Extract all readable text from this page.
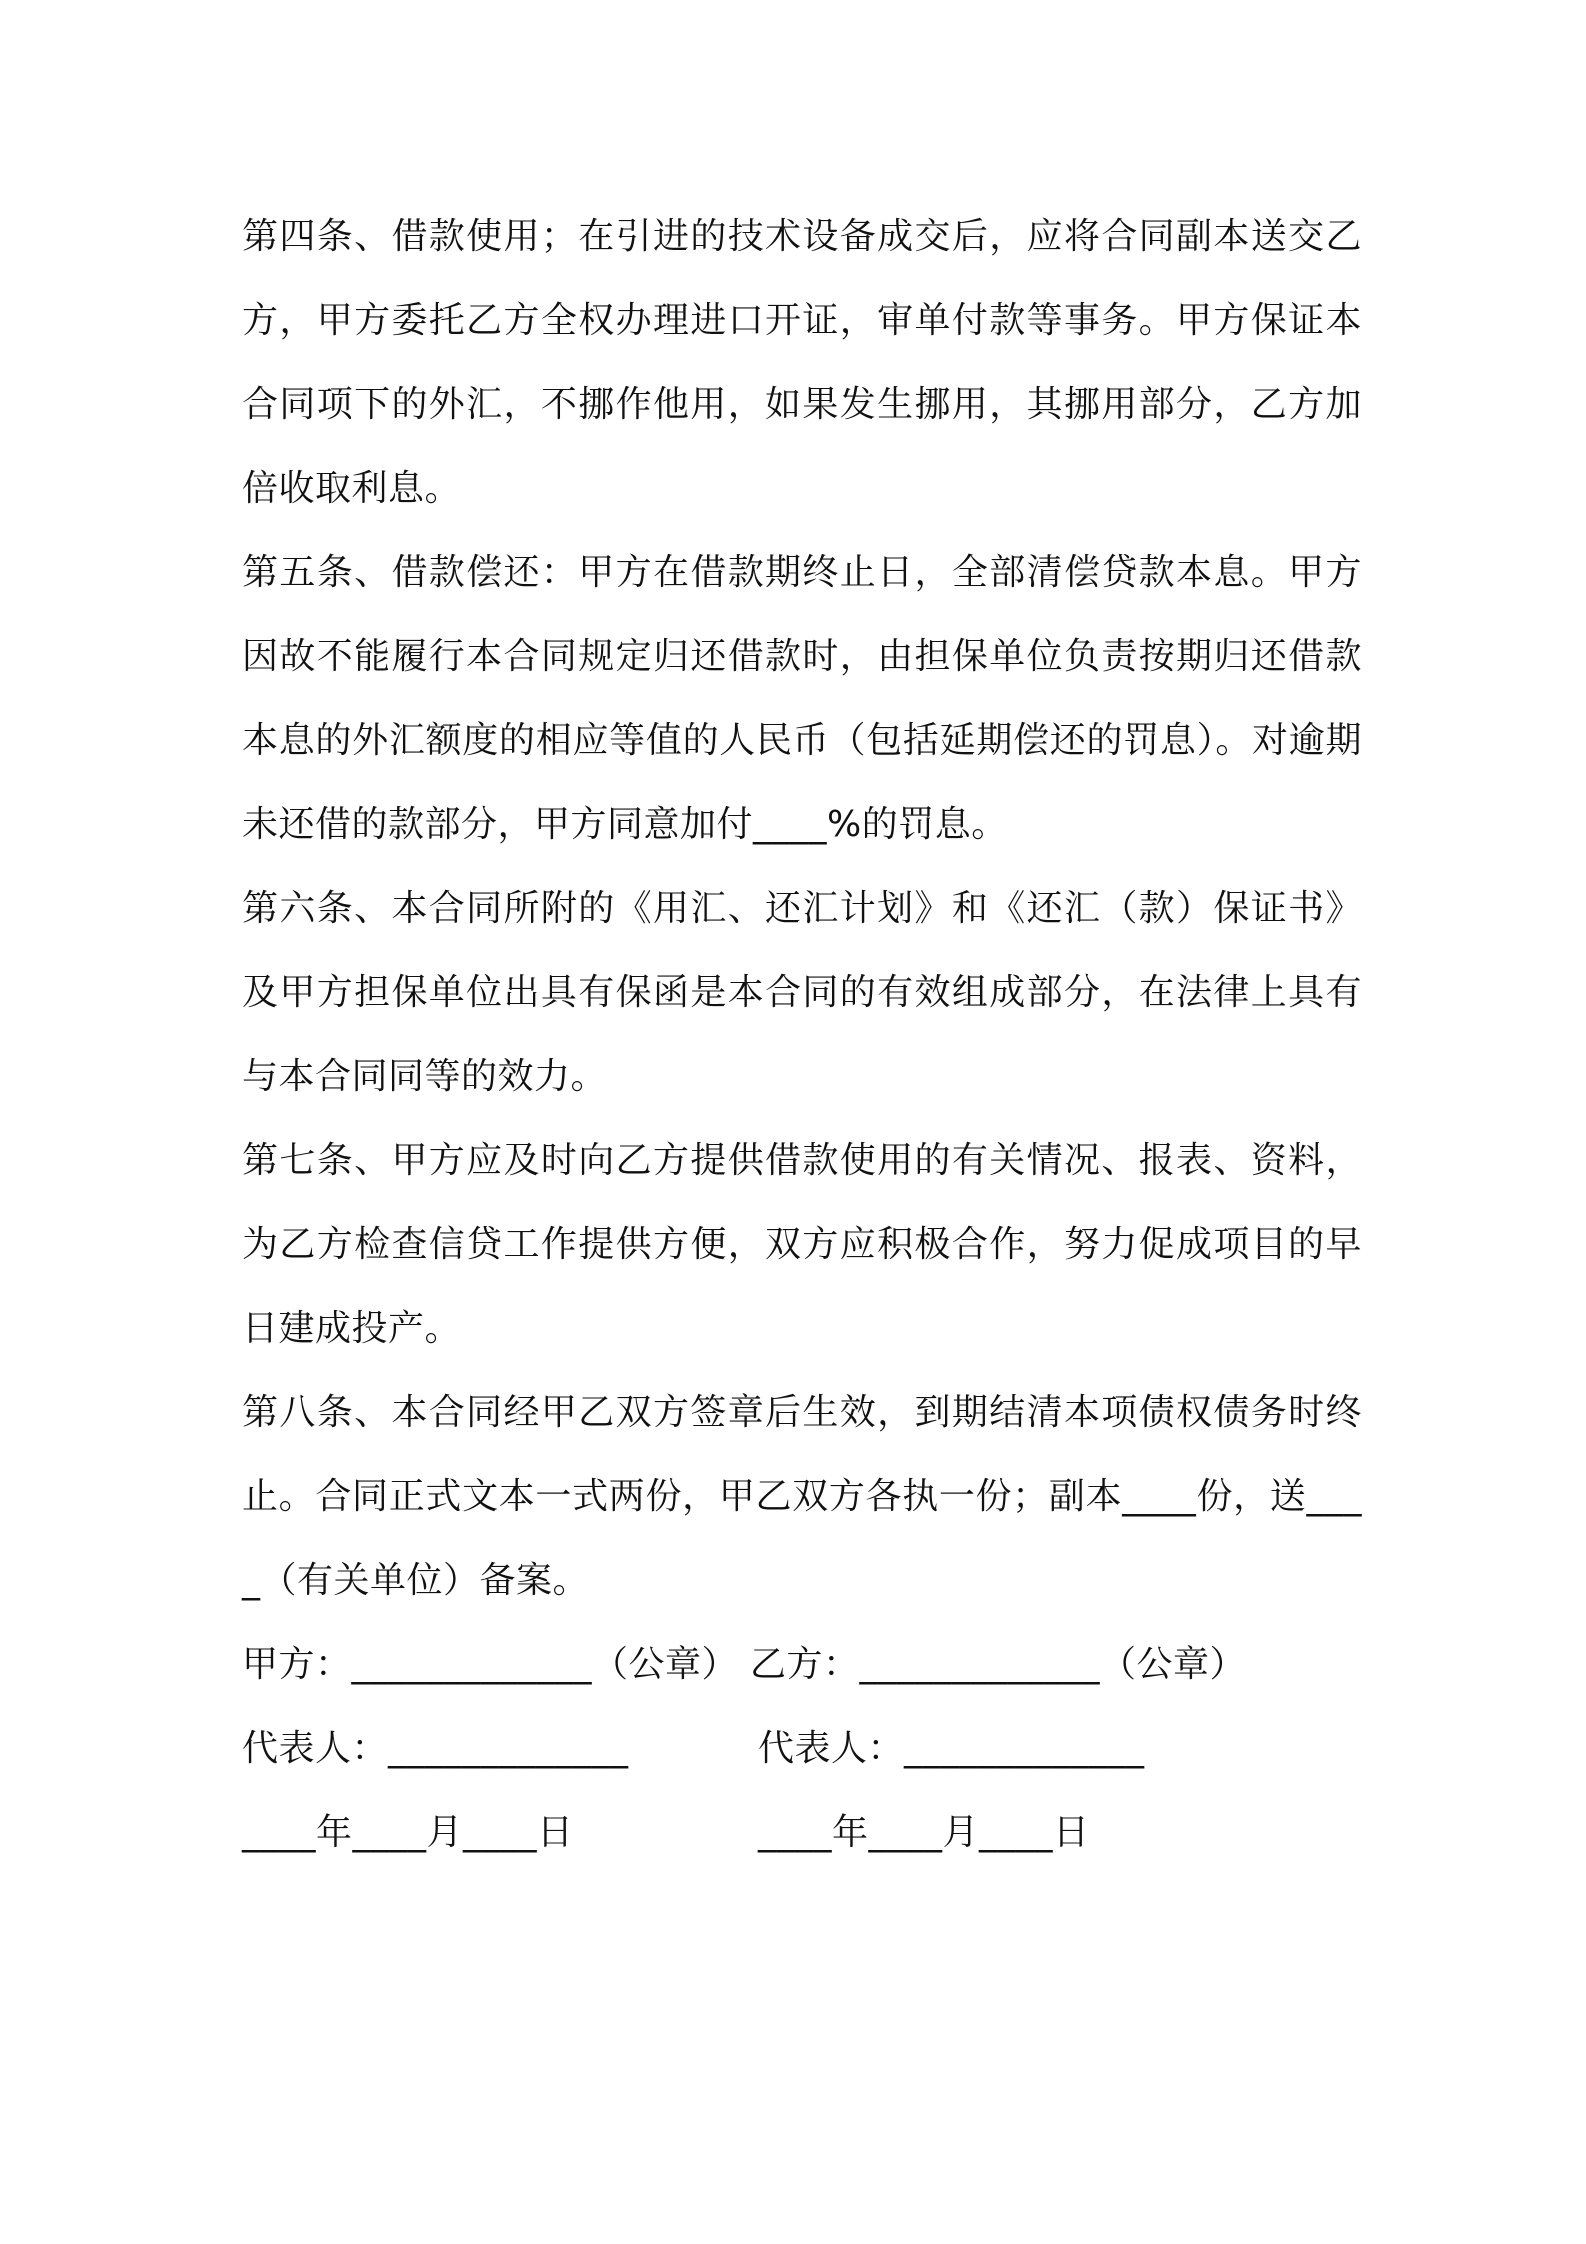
第四条、借款使用；在引进的技术设备成交后，应将合同副本送交乙方，甲方委托乙方全权办理进口开证，审单付款等事务。甲方保证本合同项下的外汇，不挪作他用，如果发生挪用，其挪用部分，乙方加倍收取利息。

第五条、借款偿还：甲方在借款期终止日，全部清偿贷款本息。甲方因故不能履行本合同规定归还借款时，由担保单位负责按期归还借款本息的外汇额度的相应等值的人民币（包括延期偿还的罚息）。对逾期未还借的款部分，甲方同意加付____%的罚息。

第六条、本合同所附的《用汇、还汇计划》和《还汇（款）保证书》及甲方担保单位出具有保函是本合同的有效组成部分，在法律上具有与本合同同等的效力。

第七条、甲方应及时向乙方提供借款使用的有关情况、报表、资料，为乙方检查信贷工作提供方便，双方应积极合作，努力促成项目的早日建成投产。

第八条、本合同经甲乙双方签章后生效，到期结清本项债权债务时终止。合同正式文本一式两份，甲乙双方各执一份；副本____份，送____（有关单位）备案。

甲方：_____________（公章） 乙方：_____________（公章）
代表人：_____________	代表人：_____________
____年____月____日	____年____月____日
